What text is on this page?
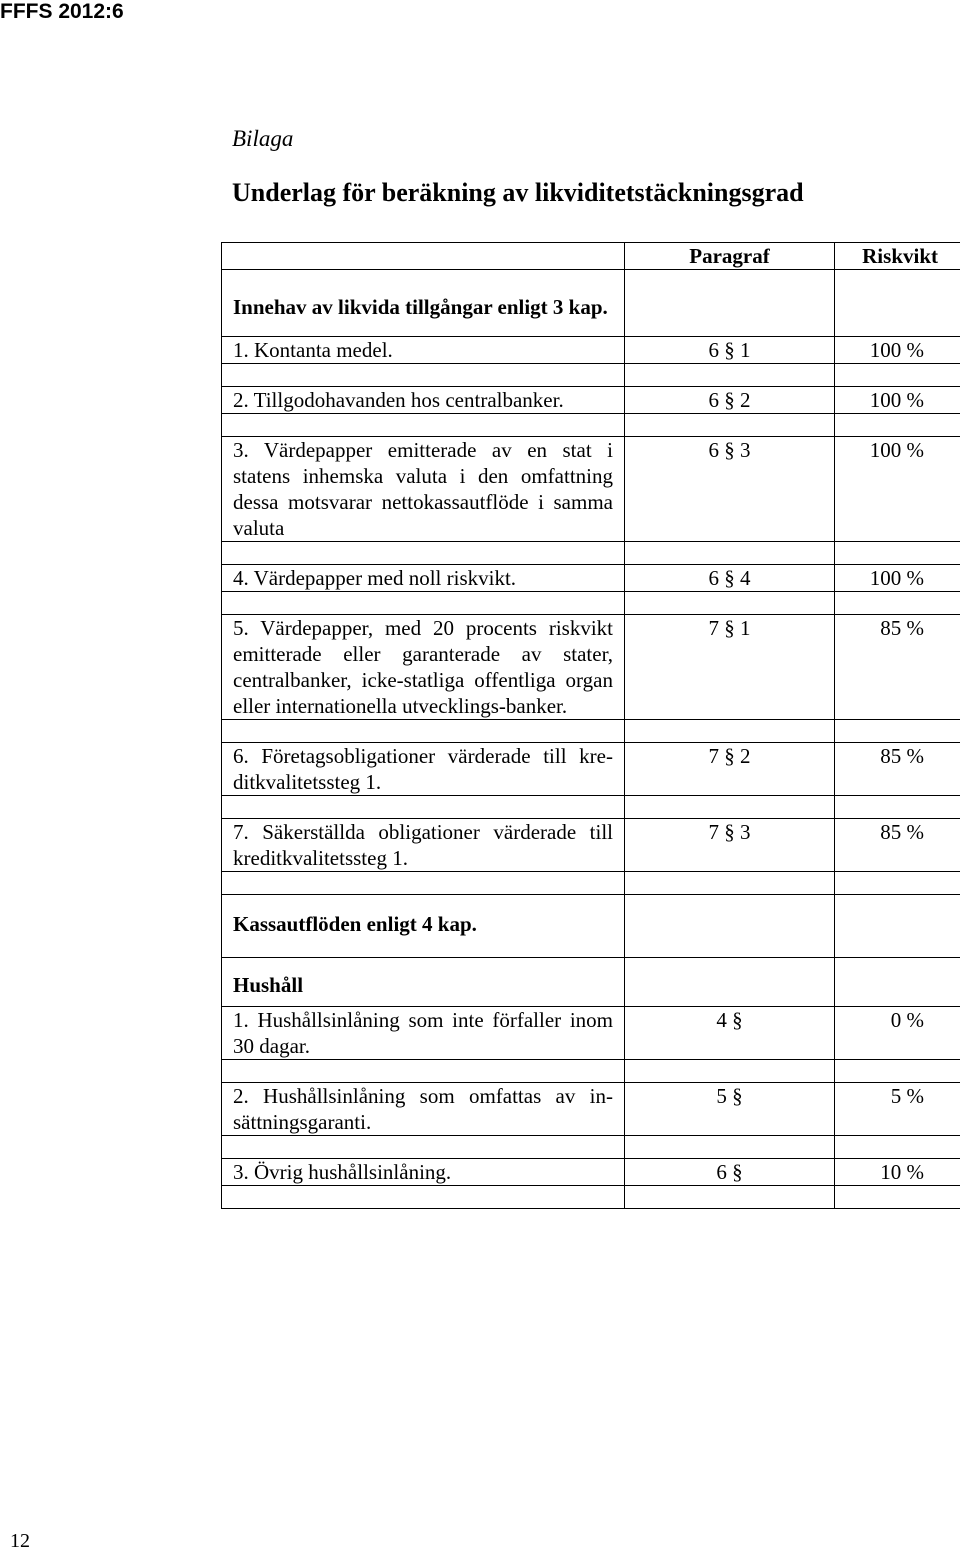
FFFS 2012:6
Bilaga
Underlag för beräkning av likviditetstäckningsgrad
	Paragraf	Riskvikt
Innehav av likvida tillgångar enligt 3 kap.		
1. Kontanta medel.	6 § 1	100 %

2. Tillgodohavanden hos centralbanker.	6 § 2	100 %

3. Värdepapper emitterade av en stat i statens inhemska valuta i den omfattning dessa motsvarar nettokassautflöde i samma valuta	6 § 3	100 %

4. Värdepapper med noll riskvikt.	6 § 4	100 %

5. Värdepapper, med 20 procents riskvikt emitterade eller garanterade av stater, centralbanker, icke-statliga offentliga organ eller internationella utvecklings-banker.	7 § 1	85 %

6. Företagsobligationer värderade till kre-ditkvalitetssteg 1.	7 § 2	85 %

7. Säkerställda obligationer värderade till kreditkvalitetssteg 1.	7 § 3	85 %

Kassautflöden enligt 4 kap.		
Hushåll		
1. Hushållsinlåning som inte förfaller inom 30 dagar.	4 §	0 %

2. Hushållsinlåning som omfattas av in-sättningsgaranti.	5 §	5 %

3. Övrig hushållsinlåning.	6 §	10 %

12
